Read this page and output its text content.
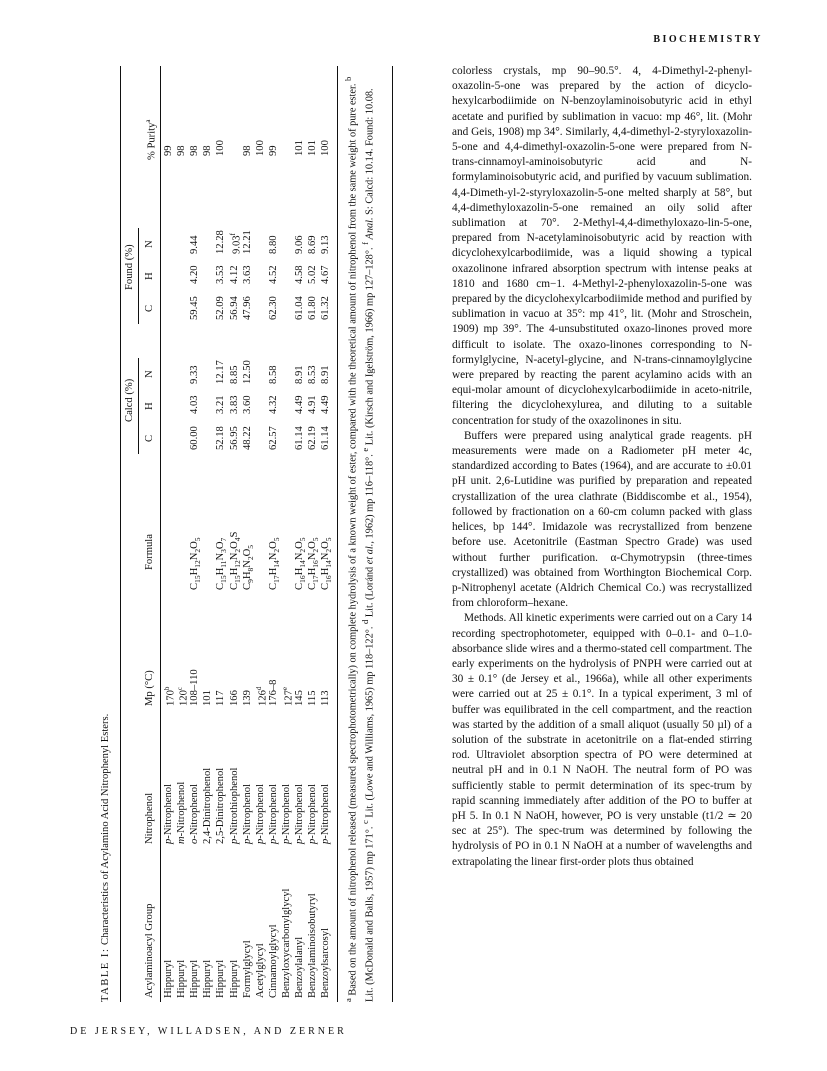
BIOCHEMISTRY
DE JERSEY, WILLADSEN, AND ZERNER
TABLE I: Characteristics of Acylamino Acid Nitrophenyl Esters.
Calcd (%)
Found (%)
Acylaminoacyl Group
Nitrophenol
Mp (°C)
Formula
C
H
N
C
H
N
% Purity$^a$
Hippuryl
p-Nitrophenol
170$^b$
99
Hippuryl
m-Nitrophenol
120$^c$
98
Hippuryl
o-Nitrophenol
108–110
$C_{15}H_{12}N_2O_5$
60.00
4.03
9.33
59.45
4.20
9.44
98
Hippuryl
2,4-Dinitrophenol
101
98
Hippuryl
2,5-Dinitrophenol
117
$C_{15}H_{11}N_3O_7$
52.18
3.21
12.17
52.09
3.53
12.28
100
Hippuryl
p-Nitrothiophenol
166
$C_{15}H_{12}N_2O_4S$
56.95
3.83
8.85
56.94
4.12
9.03$^f$
Formylglycyl
p-Nitrophenol
139
$C_9H_8N_2O_5$
48.22
3.60
12.50
47.96
3.63
12.21
98
Acetylglycyl
p-Nitrophenol
126$^d$
100
Cinnamoylglycyl
p-Nitrophenol
176–8
$C_{17}H_{14}N_2O_5$
62.57
4.32
8.58
62.30
4.52
8.80
99
Benzyloxycarbonylglycyl
p-Nitrophenol
127e
Benzoylalanyl
p-Nitrophenol
145
$C_{16}H_{14}N_2O_5$
61.14
4.49
8.91
61.04
4.58
9.06
101
Benzoylaminoisobutyryl
p-Nitrophenol
115
$C_{17}H_{16}N_2O_5$
62.19
4.91
8.53
61.80
5.02
8.69
101
Benzoylsarcosyl
p-Nitrophenol
113
$C_{16}H_{14}N_2O_5$
61.14
4.49
8.91
61.32
4.67
9.13
100
$^a$ Based on the amount of nitrophenol released (measured spectrophotometrically) on complete hydrolysis of a known weight of ester, compared with the theoretical amount of nitrophenol from the same weight of pure ester. $^b$ Lit. (McDonald and Balls, 1957) mp 171°. $^c$ Lit. (Lowe and Williams, 1965) mp 118–122°. $^d$ Lit. (Loránd et al., 1962) mp 116–118°. $^e$ Lit. (Kirsch and Igelström, 1966) mp 127–128°. $^f$ Anal. S: Calcd: 10.14. Found: 10.08.

colorless crystals, mp 90–90.5°. 4, 4-Dimethyl-2-phenyl-oxazolin-5-one was prepared by the action of dicyclo-hexylcarbodiimide on N-benzoylaminoisobutyric acid in ethyl acetate and purified by sublimation in vacuo: mp 46°, lit. (Mohr and Geis, 1908) mp 34°. Similarly, 4,4-dimethyl-2-styryloxazolin-5-one and 4,4-dimethyl-oxazolin-5-one were prepared from N-trans-cinnamoyl-aminoisobutyric acid and N-formylaminoisobutyric acid, and purified by vacuum sublimation. 4,4-Dimeth-yl-2-styryloxazolin-5-one melted sharply at 58°, but 4,4-dimethyloxazolin-5-one remained an oily solid after sublimation at 70°. 2-Methyl-4,4-dimethyloxazo-lin-5-one, prepared from N-acetylaminoisobutyric acid by reaction with dicyclohexylcarbodiimide, was a liquid showing a typical oxazolinone infrared absorption spectrum with intense peaks at 1810 and 1680 cm−1. 4-Methyl-2-phenyloxazolin-5-one was prepared by the dicyclohexylcarbodiimide method and purified by sublimation in vacuo at 35°: mp 41°, lit. (Mohr and Stroschein, 1909) mp 39°. The 4-unsubstituted oxazo-linones proved more difficult to isolate. The oxazo-linones corresponding to N-formylglycine, N-acetyl-glycine, and N-trans-cinnamoylglycine were prepared by reacting the parent acylamino acids with an equi-molar amount of dicyclohexylcarbodiimide in aceto-nitrile, filtering the dicyclohexylurea, and diluting to a suitable concentration for study of the oxazolinones in situ.

Buffers were prepared using analytical grade reagents. pH measurements were made on a Radiometer pH meter 4c, standardized according to Bates (1964), and are accurate to ±0.01 pH unit. 2,6-Lutidine was purified by preparation and repeated crystallization of the urea clathrate (Biddiscombe et al., 1954), followed by fractionation on a 60-cm column packed with glass helices, bp 144°. Imidazole was recrystallized from benzene before use. Acetonitrile (Eastman Spectro Grade) was used without further purification. α-Chymotrypsin (three-times crystallized) was obtained from Worthington Biochemical Corp. p-Nitrophenyl acetate (Aldrich Chemical Co.) was recrystallized from chloroform–hexane.

Methods. All kinetic experiments were carried out on a Cary 14 recording spectrophotometer, equipped with 0–0.1- and 0–1.0-absorbance slide wires and a thermo-stated cell compartment. The early experiments on the hydrolysis of PNPH were carried out at 30 ± 0.1° (de Jersey et al., 1966a), while all other experiments were carried out at 25 ± 0.1°. In a typical experiment, 3 ml of buffer was equilibrated in the cell compartment, and the reaction was started by the addition of a small aliquot (usually 50 µl) of a solution of the substrate in acetonitrile on a flat-ended stirring rod. Ultraviolet absorption spectra of PO were determined at neutral pH and in 0.1 N NaOH. The neutral form of PO was sufficiently stable to permit determination of its spec-trum by rapid scanning immediately after addition of the PO to buffer at pH 5. In 0.1 N NaOH, however, PO is very unstable (t1/2 ≃ 20 sec at 25°). The spec-trum was determined by following the hydrolysis of PO in 0.1 N NaOH at a number of wavelengths and extrapolating the linear first-order plots thus obtained
